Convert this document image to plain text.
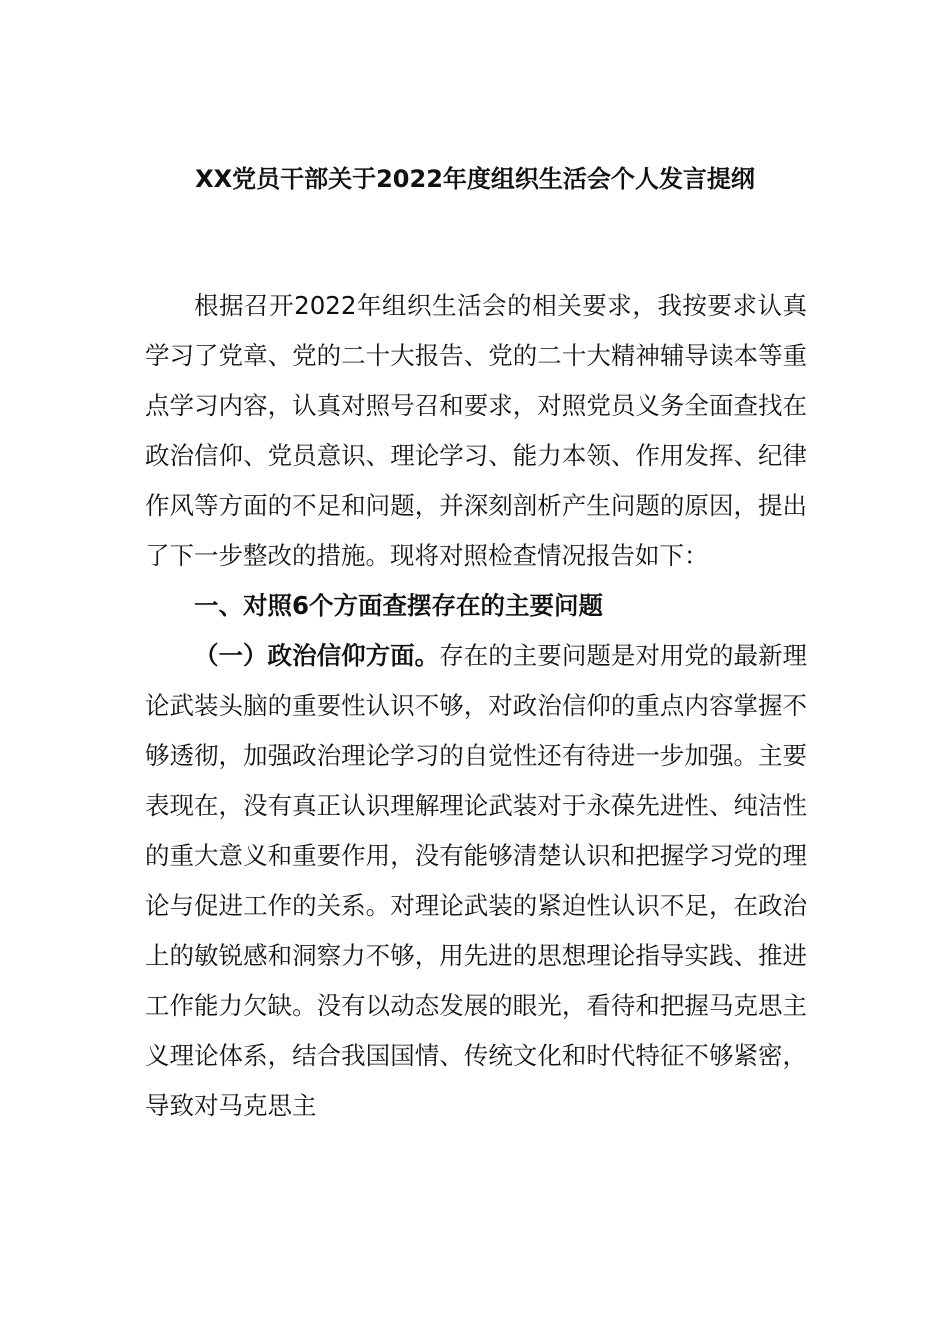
XX党员干部关于2022年度组织生活会个人发言提纲

根据召开2022年组织生活会的相关要求，我按要求认真学习了党章、党的二十大报告、党的二十大精神辅导读本等重点学习内容，认真对照号召和要求，对照党员义务全面查找在政治信仰、党员意识、理论学习、能力本领、作用发挥、纪律作风等方面的不足和问题，并深刻剖析产生问题的原因，提出了下一步整改的措施。现将对照检查情况报告如下：

一、对照6个方面查摆存在的主要问题

（一）政治信仰方面。存在的主要问题是对用党的最新理论武装头脑的重要性认识不够，对政治信仰的重点内容掌握不够透彻，加强政治理论学习的自觉性还有待进一步加强。主要表现在，没有真正认识理解理论武装对于永葆先进性、纯洁性的重大意义和重要作用，没有能够清楚认识和把握学习党的理论与促进工作的关系。对理论武装的紧迫性认识不足，在政治上的敏锐感和洞察力不够，用先进的思想理论指导实践、推进工作能力欠缺。没有以动态发展的眼光，看待和把握马克思主义理论体系，结合我国国情、传统文化和时代特征不够紧密，导致对马克思主
